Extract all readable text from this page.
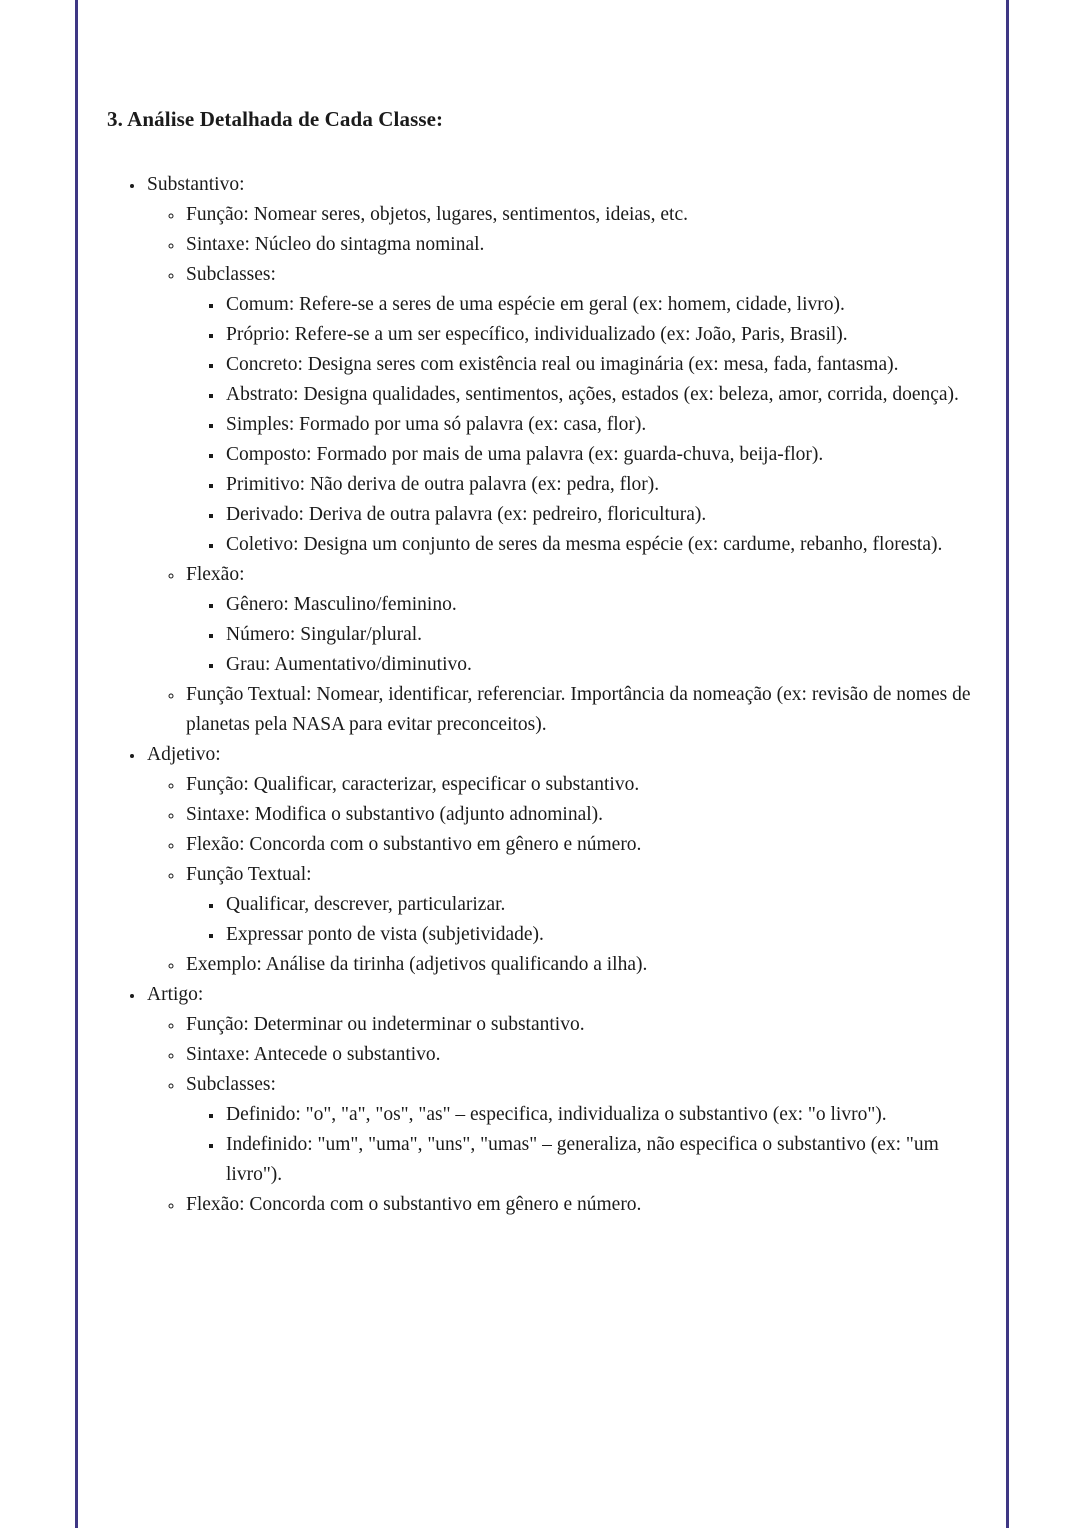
3. Análise Detalhada de Cada Classe:
• Substantivo:
◦ Função: Nomear seres, objetos, lugares, sentimentos, ideias, etc.
◦ Sintaxe: Núcleo do sintagma nominal.
◦ Subclasses:
▪ Comum: Refere-se a seres de uma espécie em geral (ex: homem, cidade, livro).
▪ Próprio: Refere-se a um ser específico, individualizado (ex: João, Paris, Brasil).
▪ Concreto: Designa seres com existência real ou imaginária (ex: mesa, fada, fantasma).
▪ Abstrato: Designa qualidades, sentimentos, ações, estados (ex: beleza, amor, corrida, doença).
▪ Simples: Formado por uma só palavra (ex: casa, flor).
▪ Composto: Formado por mais de uma palavra (ex: guarda-chuva, beija-flor).
▪ Primitivo: Não deriva de outra palavra (ex: pedra, flor).
▪ Derivado: Deriva de outra palavra (ex: pedreiro, floricultura).
▪ Coletivo: Designa um conjunto de seres da mesma espécie (ex: cardume, rebanho, floresta).
◦ Flexão:
▪ Gênero: Masculino/feminino.
▪ Número: Singular/plural.
▪ Grau: Aumentativo/diminutivo.
◦ Função Textual: Nomear, identificar, referenciar. Importância da nomeação (ex: revisão de nomes de planetas pela NASA para evitar preconceitos).
• Adjetivo:
◦ Função: Qualificar, caracterizar, especificar o substantivo.
◦ Sintaxe: Modifica o substantivo (adjunto adnominal).
◦ Flexão: Concorda com o substantivo em gênero e número.
◦ Função Textual:
▪ Qualificar, descrever, particularizar.
▪ Expressar ponto de vista (subjetividade).
◦ Exemplo: Análise da tirinha (adjetivos qualificando a ilha).
• Artigo:
◦ Função: Determinar ou indeterminar o substantivo.
◦ Sintaxe: Antecede o substantivo.
◦ Subclasses:
▪ Definido: "o", "a", "os", "as" – especifica, individualiza o substantivo (ex: "o livro").
▪ Indefinido: "um", "uma", "uns", "umas" – generaliza, não especifica o substantivo (ex: "um livro").
◦ Flexão: Concorda com o substantivo em gênero e número.
